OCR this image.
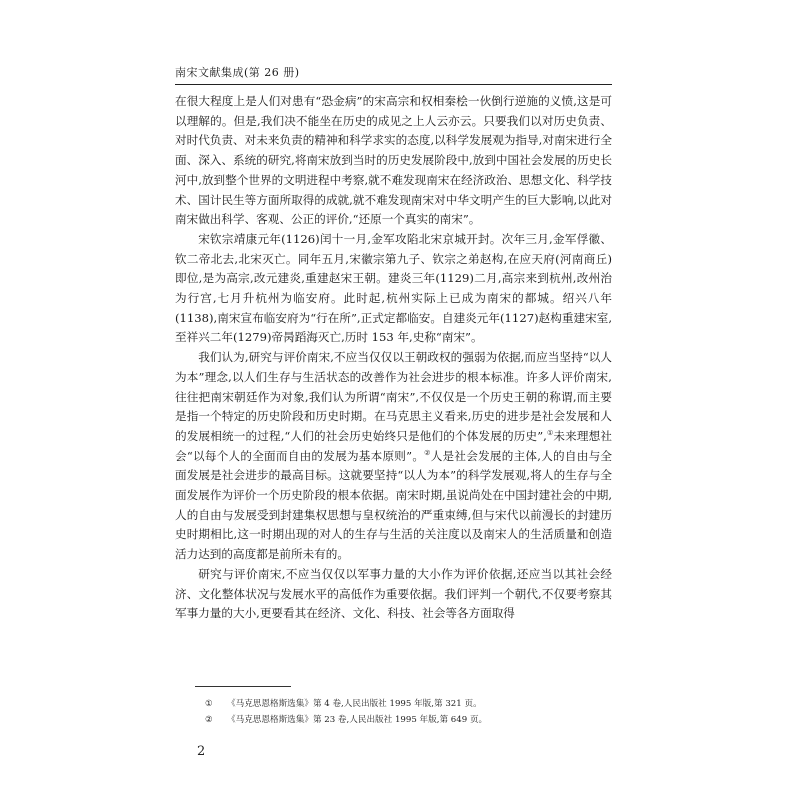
南宋文献集成(第 26 册)

在很大程度上是人们对患有“恐金病”的宋高宗和权相秦桧一伙倒行逆施的义愤,这是可以理解的。但是,我们决不能坐在历史的成见之上人云亦云。只要我们以对历史负责、对时代负责、对未来负责的精神和科学求实的态度,以科学发展观为指导,对南宋进行全面、深入、系统的研究,将南宋放到当时的历史发展阶段中,放到中国社会发展的历史长河中,放到整个世界的文明进程中考察,就不难发现南宋在经济政治、思想文化、科学技术、国计民生等方面所取得的成就,就不难发现南宋对中华文明产生的巨大影响,以此对南宋做出科学、客观、公正的评价,“还原一个真实的南宋”。

宋钦宗靖康元年(1126)闰十一月,金军攻陷北宋京城开封。次年三月,金军俘徽、钦二帝北去,北宋灭亡。同年五月,宋徽宗第九子、钦宗之弟赵构,在应天府(河南商丘)即位,是为高宗,改元建炎,重建赵宋王朝。建炎三年(1129)二月,高宗来到杭州,改州治为行宫,七月升杭州为临安府。此时起,杭州实际上已成为南宋的都城。绍兴八年(1138),南宋宣布临安府为“行在所”,正式定都临安。自建炎元年(1127)赵构重建宋室,至祥兴二年(1279)帝昺蹈海灭亡,历时 153 年,史称“南宋”。

我们认为,研究与评价南宋,不应当仅仅以王朝政权的强弱为依据,而应当坚持“以人为本”理念,以人们生存与生活状态的改善作为社会进步的根本标准。许多人评价南宋,往往把南宋朝廷作为对象,我们认为所谓“南宋”,不仅仅是一个历史王朝的称谓,而主要是指一个特定的历史阶段和历史时期。在马克思主义看来,历史的进步是社会发展和人的发展相统一的过程,“人们的社会历史始终只是他们的个体发展的历史”,①未来理想社会“以每个人的全面而自由的发展为基本原则”。②人是社会发展的主体,人的自由与全面发展是社会进步的最高目标。这就要坚持“以人为本”的科学发展观,将人的生存与全面发展作为评价一个历史阶段的根本依据。南宋时期,虽说尚处在中国封建社会的中期,人的自由与发展受到封建集权思想与皇权统治的严重束缚,但与宋代以前漫长的封建历史时期相比,这一时期出现的对人的生存与生活的关注度以及南宋人的生活质量和创造活力达到的高度都是前所未有的。

研究与评价南宋,不应当仅仅以军事力量的大小作为评价依据,还应当以其社会经济、文化整体状况与发展水平的高低作为重要依据。我们评判一个朝代,不仅要考察其军事力量的大小,更要看其在经济、文化、科技、社会等各方面取得

① 《马克思恩格斯选集》第 4 卷,人民出版社 1995 年版,第 321 页。
② 《马克思恩格斯选集》第 23 卷,人民出版社 1995 年版,第 649 页。
2
